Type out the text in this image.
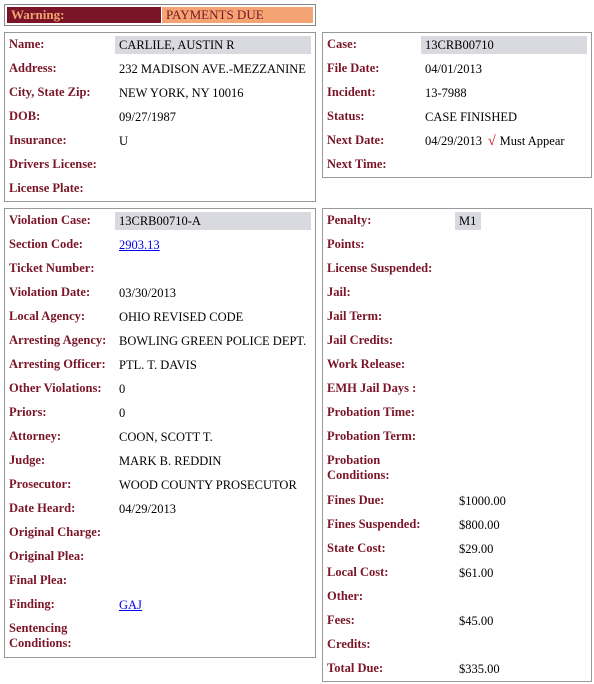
Warning:	PAYMENTS DUE
Name:	CARLILE, AUSTIN R
Address:	232 MADISON AVE.-MEZZANINE
City, State Zip:	NEW YORK, NY 10016
DOB:	09/27/1987
Insurance:	U
Drivers License:
License Plate:
Case:	13CRB00710
File Date:	04/01/2013
Incident:	13-7988
Status:	CASE FINISHED
Next Date:	04/29/2013 √ Must Appear
Next Time:
Violation Case:	13CRB00710-A
Section Code:	2903.13
Ticket Number:
Violation Date:	03/30/2013
Local Agency:	OHIO REVISED CODE
Arresting Agency:	BOWLING GREEN POLICE DEPT.
Arresting Officer:	PTL. T. DAVIS
Other Violations:	0
Priors:	0
Attorney:	COON, SCOTT T.
Judge:	MARK B. REDDIN
Prosecutor:	WOOD COUNTY PROSECUTOR
Date Heard:	04/29/2013
Original Charge:
Original Plea:
Final Plea:
Finding:	GAJ
Sentencing Conditions:
Penalty:	M1
Points:
License Suspended:
Jail:
Jail Term:
Jail Credits:
Work Release:
EMH Jail Days :
Probation Time:
Probation Term:
Probation Conditions:
Fines Due:	$1000.00
Fines Suspended:	$800.00
State Cost:	$29.00
Local Cost:	$61.00
Other:
Fees:	$45.00
Credits:
Total Due:	$335.00
